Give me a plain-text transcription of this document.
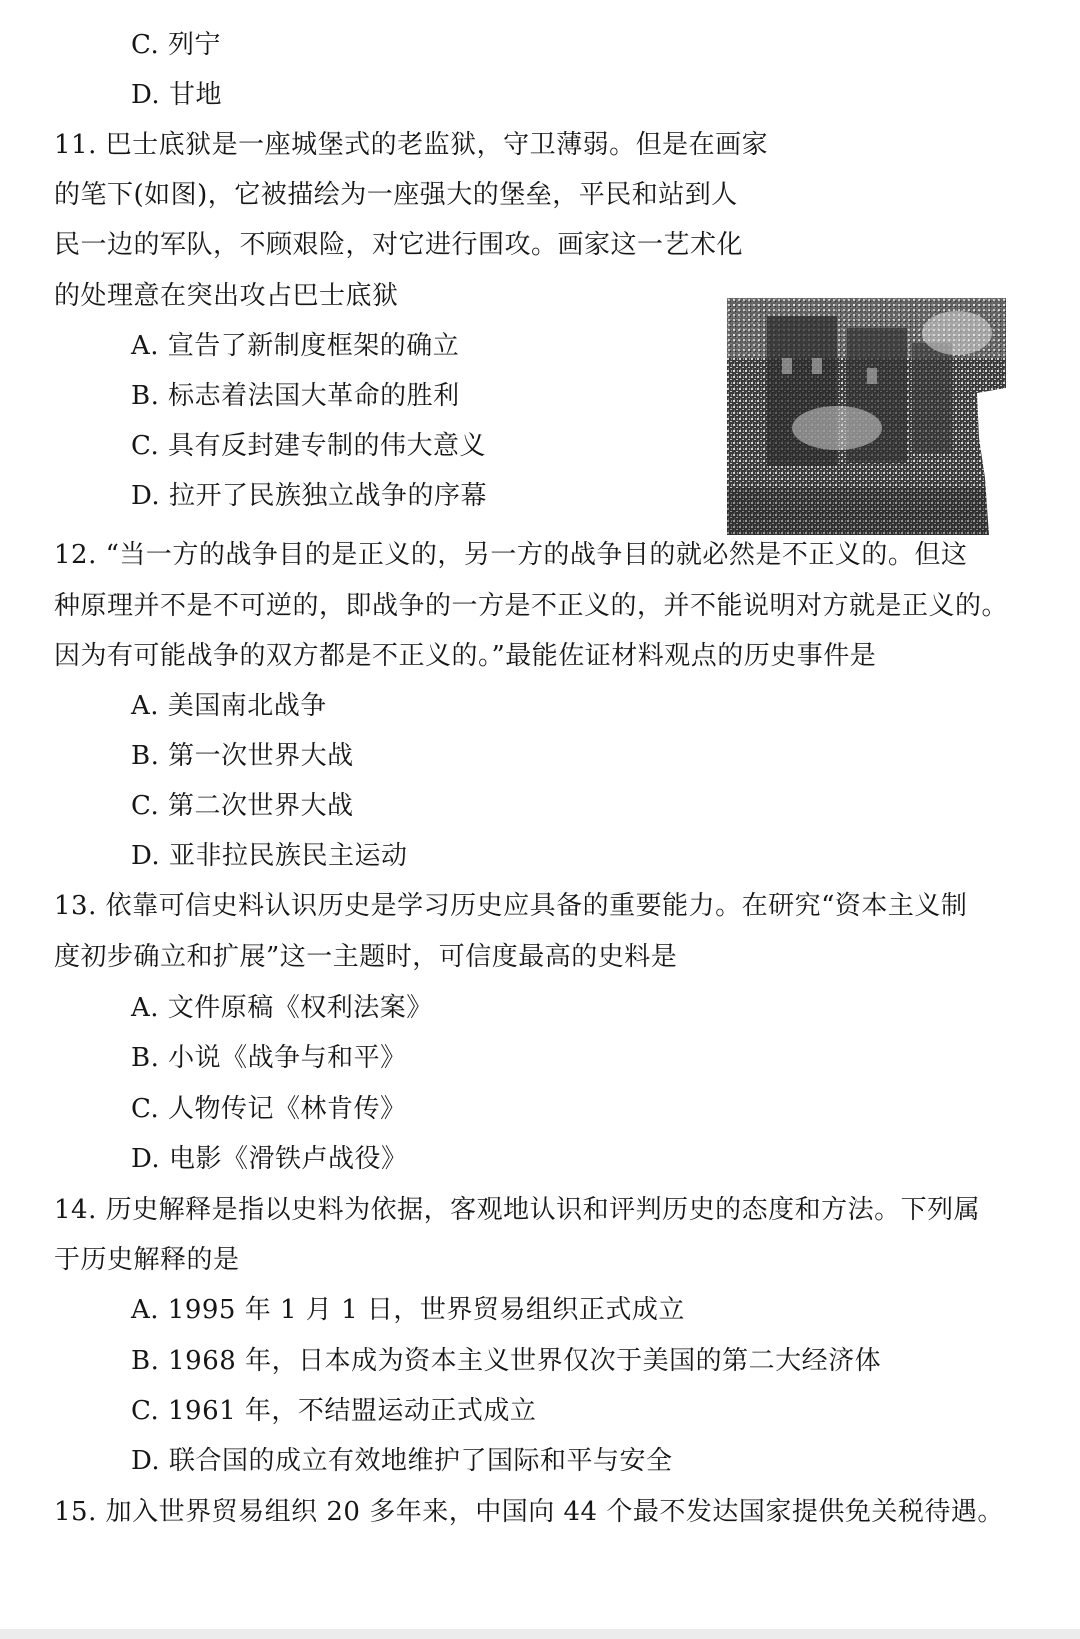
C. 列宁
D. 甘地
11. 巴士底狱是一座城堡式的老监狱，守卫薄弱。但是在画家
的笔下(如图)，它被描绘为一座强大的堡垒，平民和站到人
民一边的军队，不顾艰险，对它进行围攻。画家这一艺术化
的处理意在突出攻占巴士底狱
A. 宣告了新制度框架的确立
B. 标志着法国大革命的胜利
C. 具有反封建专制的伟大意义
D. 拉开了民族独立战争的序幕
12. “当一方的战争目的是正义的，另一方的战争目的就必然是不正义的。但这
种原理并不是不可逆的，即战争的一方是不正义的，并不能说明对方就是正义的。
因为有可能战争的双方都是不正义的。”最能佐证材料观点的历史事件是
A. 美国南北战争
B. 第一次世界大战
C. 第二次世界大战
D. 亚非拉民族民主运动
13. 依靠可信史料认识历史是学习历史应具备的重要能力。在研究“资本主义制
度初步确立和扩展”这一主题时，可信度最高的史料是
A. 文件原稿《权利法案》
B. 小说《战争与和平》
C. 人物传记《林肯传》
D. 电影《滑铁卢战役》
14. 历史解释是指以史料为依据，客观地认识和评判历史的态度和方法。下列属
于历史解释的是
A. 1995 年 1 月 1 日，世界贸易组织正式成立
B. 1968 年，日本成为资本主义世界仅次于美国的第二大经济体
C. 1961 年，不结盟运动正式成立
D. 联合国的成立有效地维护了国际和平与安全
15. 加入世界贸易组织 20 多年来，中国向 44 个最不发达国家提供免关税待遇。
